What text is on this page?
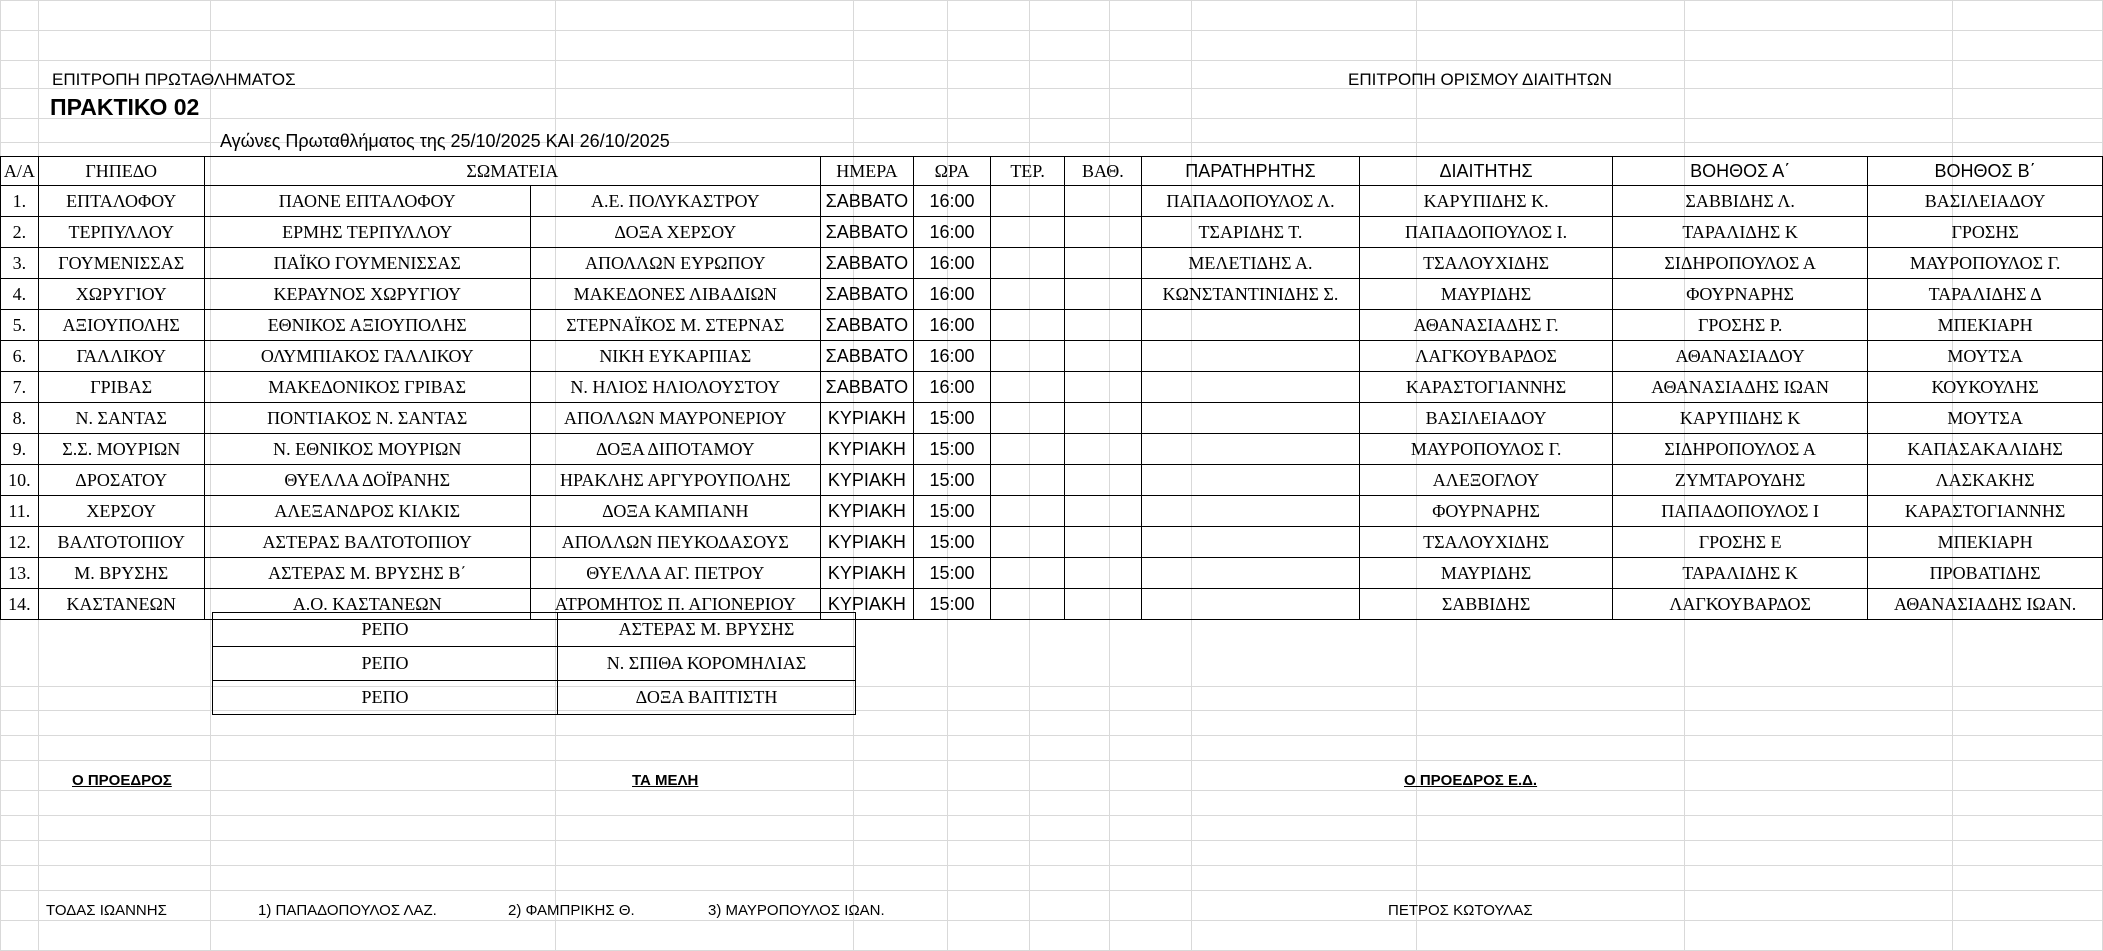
ΕΠΙΤΡΟΠΗ ΠΡΩΤΑΘΛΗΜΑΤΟΣ	ΕΠΙΤΡΟΠΗ ΟΡΙΣΜΟΥ ΔΙΑΙΤΗΤΩΝ
ΠΡΑΚΤΙΚΟ 02
Αγώνες Πρωταθλήματος της 25/10/2025 ΚΑΙ 26/10/2025
Α/Α	ΓΗΠΕΔΟ	ΣΩΜΑΤΕΙΑ		ΗΜΕΡΑ	ΩΡΑ	ΤΕΡ.	ΒΑΘ.	ΠΑΡΑΤΗΡΗΤΗΣ	ΔΙΑΙΤΗΤΗΣ	ΒΟΗΘΟΣ Α΄	ΒΟΗΘΟΣ Β΄
1.	ΕΠΤΑΛΟΦΟΥ	ΠΑΟΝΕ ΕΠΤΑΛΟΦΟΥ	Α.Ε. ΠΟΛΥΚΑΣΤΡΟΥ	ΣΑΒΒΑΤΟ	16:00			ΠΑΠΑΔΟΠΟΥΛΟΣ Λ.	ΚΑΡΥΠΙΔΗΣ Κ.	ΣΑΒΒΙΔΗΣ Λ.	ΒΑΣΙΛΕΙΑΔΟΥ
2.	ΤΕΡΠΥΛΛΟΥ	ΕΡΜΗΣ ΤΕΡΠΥΛΛΟΥ	ΔΟΞΑ ΧΕΡΣΟΥ	ΣΑΒΒΑΤΟ	16:00			ΤΣΑΡΙΔΗΣ Τ.	ΠΑΠΑΔΟΠΟΥΛΟΣ Ι.	ΤΑΡΑΛΙΔΗΣ Κ	ΓΡΟΣΗΣ
3.	ΓΟΥΜΕΝΙΣΣΑΣ	ΠΑΪΚΟ ΓΟΥΜΕΝΙΣΣΑΣ	ΑΠΟΛΛΩΝ ΕΥΡΩΠΟΥ	ΣΑΒΒΑΤΟ	16:00			ΜΕΛΕΤΙΔΗΣ Α.	ΤΣΑΛΟΥΧΙΔΗΣ	ΣΙΔΗΡΟΠΟΥΛΟΣ Α	ΜΑΥΡΟΠΟΥΛΟΣ Γ.
4.	ΧΩΡΥΓΙΟΥ	ΚΕΡΑΥΝΟΣ ΧΩΡΥΓΙΟΥ	ΜΑΚΕΔΟΝΕΣ ΛΙΒΑΔΙΩΝ	ΣΑΒΒΑΤΟ	16:00			ΚΩΝΣΤΑΝΤΙΝΙΔΗΣ Σ.	ΜΑΥΡΙΔΗΣ	ΦΟΥΡΝΑΡΗΣ	ΤΑΡΑΛΙΔΗΣ Δ
5.	ΑΞΙΟΥΠΟΛΗΣ	ΕΘΝΙΚΟΣ ΑΞΙΟΥΠΟΛΗΣ	ΣΤΕΡΝΑΪΚΟΣ Μ. ΣΤΕΡΝΑΣ	ΣΑΒΒΑΤΟ	16:00				ΑΘΑΝΑΣΙΑΔΗΣ Γ.	ΓΡΟΣΗΣ Ρ.	ΜΠΕΚΙΑΡΗ
6.	ΓΑΛΛΙΚΟΥ	ΟΛΥΜΠΙΑΚΟΣ ΓΑΛΛΙΚΟΥ	ΝΙΚΗ ΕΥΚΑΡΠΙΑΣ	ΣΑΒΒΑΤΟ	16:00				ΛΑΓΚΟΥΒΑΡΔΟΣ	ΑΘΑΝΑΣΙΑΔΟΥ	ΜΟΥΤΣΑ
7.	ΓΡΙΒΑΣ	ΜΑΚΕΔΟΝΙΚΟΣ ΓΡΙΒΑΣ	Ν. ΗΛΙΟΣ ΗΛΙΟΛΟΥΣΤΟΥ	ΣΑΒΒΑΤΟ	16:00				ΚΑΡΑΣΤΟΓΙΑΝΝΗΣ	ΑΘΑΝΑΣΙΑΔΗΣ ΙΩΑΝ	ΚΟΥΚΟΥΛΗΣ
8.	Ν. ΣΑΝΤΑΣ	ΠΟΝΤΙΑΚΟΣ Ν. ΣΑΝΤΑΣ	ΑΠΟΛΛΩΝ ΜΑΥΡΟΝΕΡΙΟΥ	ΚΥΡΙΑΚΗ	15:00				ΒΑΣΙΛΕΙΑΔΟΥ	ΚΑΡΥΠΙΔΗΣ Κ	ΜΟΥΤΣΑ
9.	Σ.Σ. ΜΟΥΡΙΩΝ	Ν. ΕΘΝΙΚΟΣ ΜΟΥΡΙΩΝ	ΔΟΞΑ ΔΙΠΟΤΑΜΟΥ	ΚΥΡΙΑΚΗ	15:00				ΜΑΥΡΟΠΟΥΛΟΣ Γ.	ΣΙΔΗΡΟΠΟΥΛΟΣ Α	ΚΑΠΑΣΑΚΑΛΙΔΗΣ
10.	ΔΡΟΣΑΤΟΥ	ΘΥΕΛΛΑ ΔΟΪΡΑΝΗΣ	ΗΡΑΚΛΗΣ ΑΡΓΥΡΟΥΠΟΛΗΣ	ΚΥΡΙΑΚΗ	15:00				ΑΛΕΞΟΓΛΟΥ	ΖΥΜΤΑΡΟΥΔΗΣ	ΛΑΣΚΑΚΗΣ
11.	ΧΕΡΣΟΥ	ΑΛΕΞΑΝΔΡΟΣ ΚΙΛΚΙΣ	ΔΟΞΑ ΚΑΜΠΑΝΗ	ΚΥΡΙΑΚΗ	15:00				ΦΟΥΡΝΑΡΗΣ	ΠΑΠΑΔΟΠΟΥΛΟΣ Ι	ΚΑΡΑΣΤΟΓΙΑΝΝΗΣ
12.	ΒΑΛΤΟΤΟΠΙΟΥ	ΑΣΤΕΡΑΣ ΒΑΛΤΟΤΟΠΙΟΥ	ΑΠΟΛΛΩΝ ΠΕΥΚΟΔΑΣΟΥΣ	ΚΥΡΙΑΚΗ	15:00				ΤΣΑΛΟΥΧΙΔΗΣ	ΓΡΟΣΗΣ Ε	ΜΠΕΚΙΑΡΗ
13.	Μ. ΒΡΥΣΗΣ	ΑΣΤΕΡΑΣ Μ. ΒΡΥΣΗΣ Β΄	ΘΥΕΛΛΑ ΑΓ. ΠΕΤΡΟΥ	ΚΥΡΙΑΚΗ	15:00				ΜΑΥΡΙΔΗΣ	ΤΑΡΑΛΙΔΗΣ Κ	ΠΡΟΒΑΤΙΔΗΣ
14.	ΚΑΣΤΑΝΕΩΝ	Α.Ο. ΚΑΣΤΑΝΕΩΝ	ΑΤΡΟΜΗΤΟΣ Π. ΑΓΙΟΝΕΡΙΟΥ	ΚΥΡΙΑΚΗ	15:00				ΣΑΒΒΙΔΗΣ	ΛΑΓΚΟΥΒΑΡΔΟΣ	ΑΘΑΝΑΣΙΑΔΗΣ ΙΩΑΝ.
ΡΕΠΟ	ΑΣΤΕΡΑΣ Μ. ΒΡΥΣΗΣ
ΡΕΠΟ	Ν. ΣΠΙΘΑ ΚΟΡΟΜΗΛΙΑΣ
ΡΕΠΟ	ΔΟΞΑ ΒΑΠΤΙΣΤΗ
Ο ΠΡΟΕΔΡΟΣ	ΤΑ ΜΕΛΗ	Ο ΠΡΟΕΔΡΟΣ Ε.Δ.
ΤΟΔΑΣ ΙΩΑΝΝΗΣ	1) ΠΑΠΑΔΟΠΟΥΛΟΣ ΛΑΖ.	2) ΦΑΜΠΡΙΚΗΣ Θ.	3) ΜΑΥΡΟΠΟΥΛΟΣ ΙΩΑΝ.	ΠΕΤΡΟΣ ΚΩΤΟΥΛΑΣ
